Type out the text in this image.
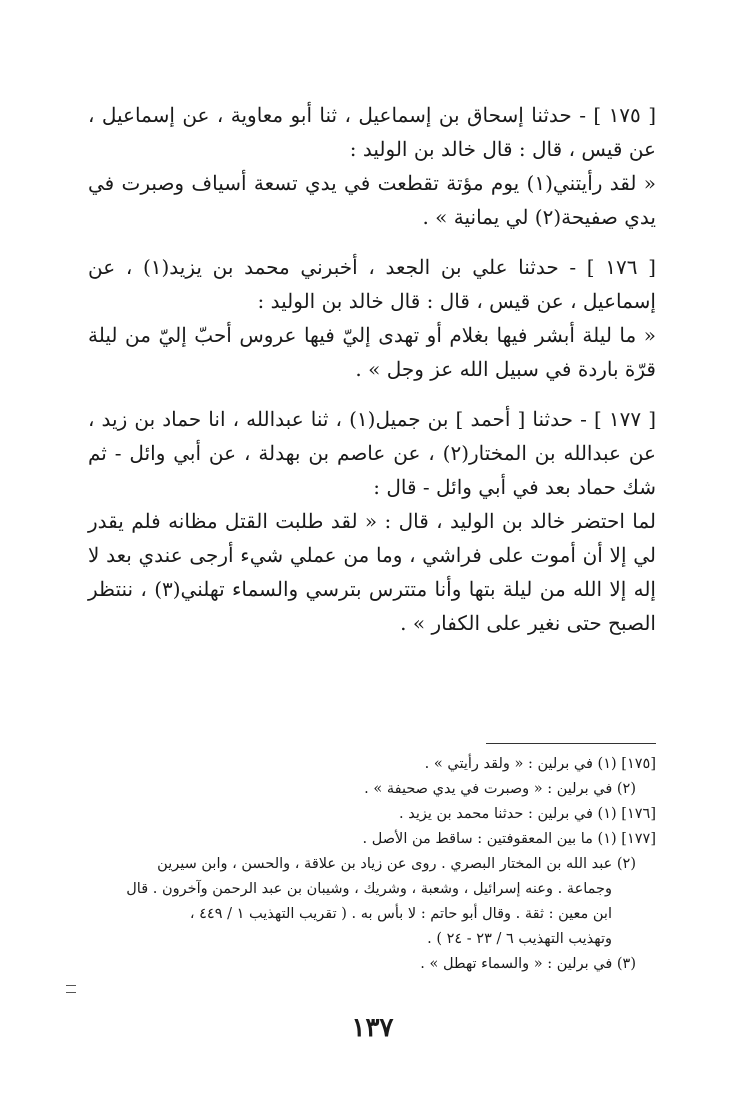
[ ١٧٥ ] - حدثنا إسحاق بن إسماعيل ، ثنا أبو معاوية ، عن إسماعيل ، عن قيس ، قال : قال خالد بن الوليد :

« لقد رأيتني(١) يوم مؤتة تقطعت في يدي تسعة أسياف وصبرت في يدي صفيحة(٢) لي يمانية » .

[ ١٧٦ ] - حدثنا علي بن الجعد ، أخبرني محمد بن يزيد(١) ، عن إسماعيل ، عن قيس ، قال : قال خالد بن الوليد :

« ما ليلة أبشر فيها بغلام أو تهدى إليّ فيها عروس أحبّ إليّ من ليلة قرّة باردة في سبيل الله عز وجل » .

[ ١٧٧ ] - حدثنا [ أحمد ] بن جميل(١) ، ثنا عبدالله ، انا حماد بن زيد ، عن عبدالله بن المختار(٢) ، عن عاصم بن بهدلة ، عن أبي وائل - ثم شك حماد بعد في أبي وائل - قال :

لما احتضر خالد بن الوليد ، قال : « لقد طلبت القتل مظانه فلم يقدر لي إلا أن أموت على فراشي ، وما من عملي شيء أرجى عندي بعد لا إله إلا الله من ليلة بتها وأنا متترس بترسي والسماء تهلني(٣) ، ننتظر الصبح حتى نغير على الكفار » .

[١٧٥] (١) في برلين : « ولقد رأيتي » .

(٢) في برلين : « وصبرت في يدي صحيفة » .

[١٧٦] (١) في برلين : حدثنا محمد بن يزيد .

[١٧٧] (١) ما بين المعقوفتين : ساقط من الأصل .

(٢) عبد الله بن المختار البصري . روى عن زياد بن علاقة ، والحسن ، وابن سيرين

وجماعة . وعنه إسرائيل ، وشعبة ، وشريك ، وشيبان بن عبد الرحمن وآخرون . قال

ابن معين : ثقة . وقال أبو حاتم : لا بأس به . ( تقريب التهذيب ١ / ٤٤٩ ،

وتهذيب التهذيب ٦ / ٢٣ - ٢٤ ) .

(٣) في برلين : « والسماء تهطل » .

١٣٧
